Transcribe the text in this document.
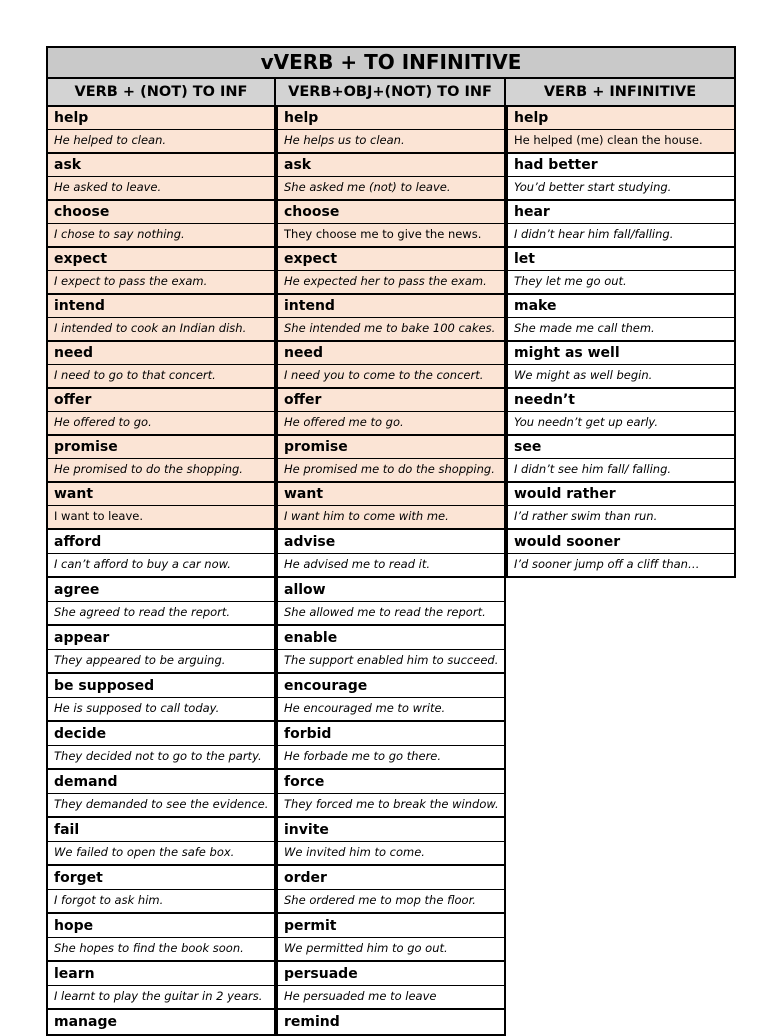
vVERB + TO INFINITIVE
VERB + (NOT) TO INF	VERB+OBJ+(NOT) TO INF	VERB + INFINITIVE
help
He helped to clean.
ask
He asked to leave.
choose
I chose to say nothing.
expect
I expect to pass the exam.
intend
I intended to cook an Indian dish.
need
I need to go to that concert.
offer
He offered to go.
promise
He promised to do the shopping.
want
I want to leave.
afford
I can’t afford to buy a car now.
agree
She agreed to read the report.
appear
They appeared to be arguing.
be supposed
He is supposed to call today.
decide
They decided not to go to the party.
demand
They demanded to see the evidence.
fail
We failed to open the safe box.
forget
I forgot to ask him.
hope
She hopes to find the book soon.
learn
I learnt to play the guitar in 2 years.
manage
help
He helps us to clean.
ask
She asked me (not) to leave.
choose
They choose me to give the news.
expect
He expected her to pass the exam.
intend
She intended me to bake 100 cakes.
need
I need you to come to the concert.
offer
He offered me to go.
promise
He promised me to do the shopping.
want
I want him to come with me.
advise
He advised me to read it.
allow
She allowed me to read the report.
enable
The support enabled him to succeed.
encourage
He encouraged me to write.
forbid
He forbade me to go there.
force
They forced me to break the window.
invite
We invited him to come.
order
She ordered me to mop the floor.
permit
We permitted him to go out.
persuade
He persuaded me to leave
remind
help
He helped (me) clean the house.
had better
You’d better start studying.
hear
I didn’t hear him fall/falling.
let
They let me go out.
make
She made me call them.
might as well
We might as well begin.
needn’t
You needn’t get up early.
see
I didn’t see him fall/ falling.
would rather
I’d rather swim than run.
would sooner
I’d sooner jump off a cliff than…
